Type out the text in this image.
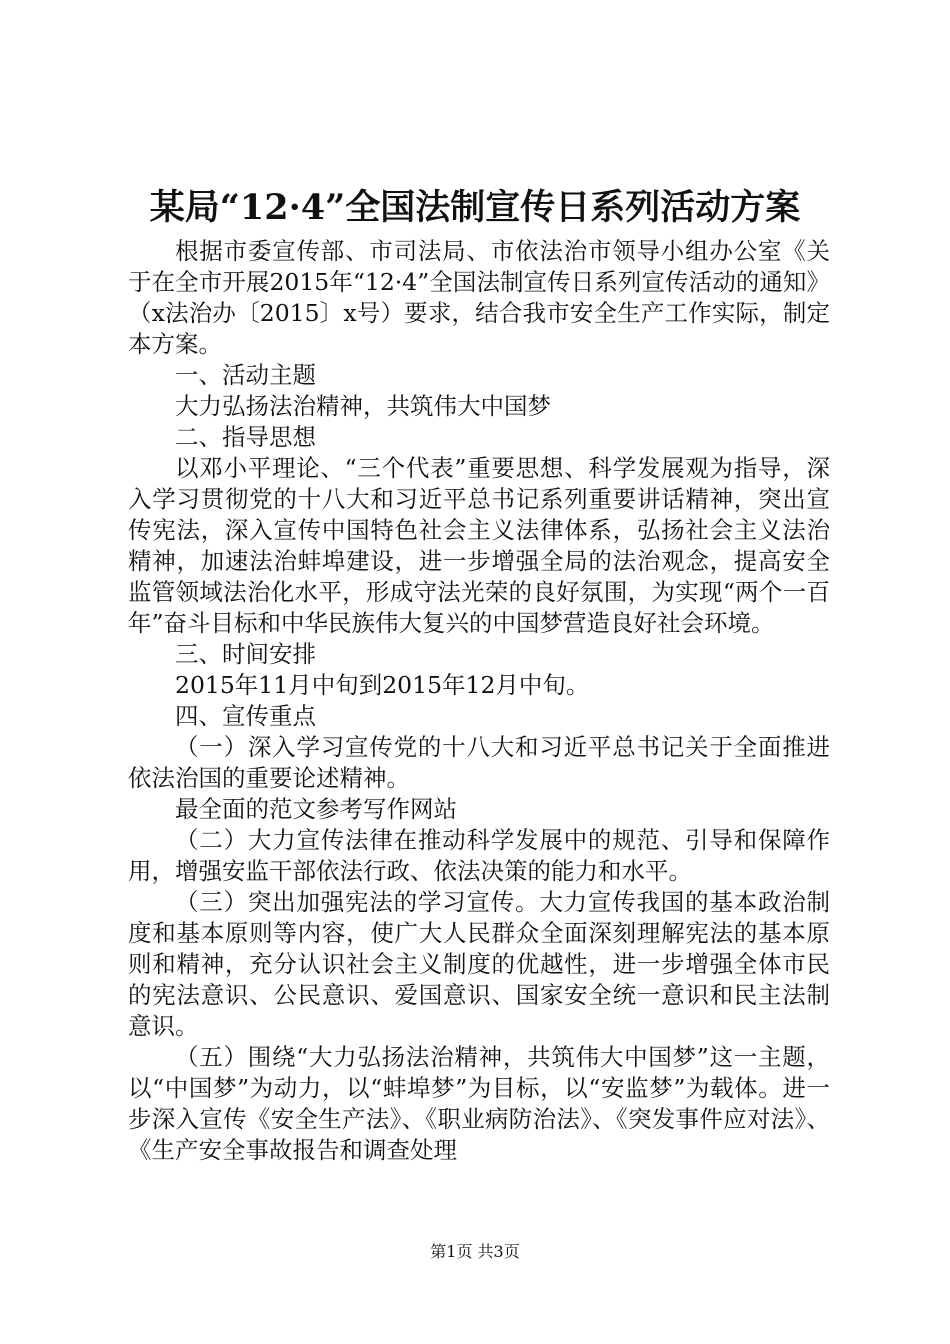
某局“12·4”全国法制宣传日系列活动方案

根据市委宣传部、市司法局、市依法治市领导小组办公室《关于在全市开展2015年“12·4”全国法制宣传日系列宣传活动的通知》（x法治办〔2015〕x号）要求，结合我市安全生产工作实际，制定本方案。

一、活动主题

大力弘扬法治精神，共筑伟大中国梦

二、指导思想

以邓小平理论、“三个代表”重要思想、科学发展观为指导，深入学习贯彻党的十八大和习近平总书记系列重要讲话精神，突出宣传宪法，深入宣传中国特色社会主义法律体系，弘扬社会主义法治精神，加速法治蚌埠建设，进一步增强全局的法治观念，提高安全监管领域法治化水平，形成守法光荣的良好氛围，为实现“两个一百年”奋斗目标和中华民族伟大复兴的中国梦营造良好社会环境。

三、时间安排

2015年11月中旬到2015年12月中旬。

四、宣传重点

（一）深入学习宣传党的十八大和习近平总书记关于全面推进依法治国的重要论述精神。

最全面的范文参考写作网站

（二）大力宣传法律在推动科学发展中的规范、引导和保障作用，增强安监干部依法行政、依法决策的能力和水平。

（三）突出加强宪法的学习宣传。大力宣传我国的基本政治制度和基本原则等内容，使广大人民群众全面深刻理解宪法的基本原则和精神，充分认识社会主义制度的优越性，进一步增强全体市民的宪法意识、公民意识、爱国意识、国家安全统一意识和民主法制意识。

（五）围绕“大力弘扬法治精神，共筑伟大中国梦”这一主题，以“中国梦”为动力，以“蚌埠梦”为目标，以“安监梦”为载体。进一步深入宣传《安全生产法》、《职业病防治法》、《突发事件应对法》、《生产安全事故报告和调查处理

第1页 共3页
